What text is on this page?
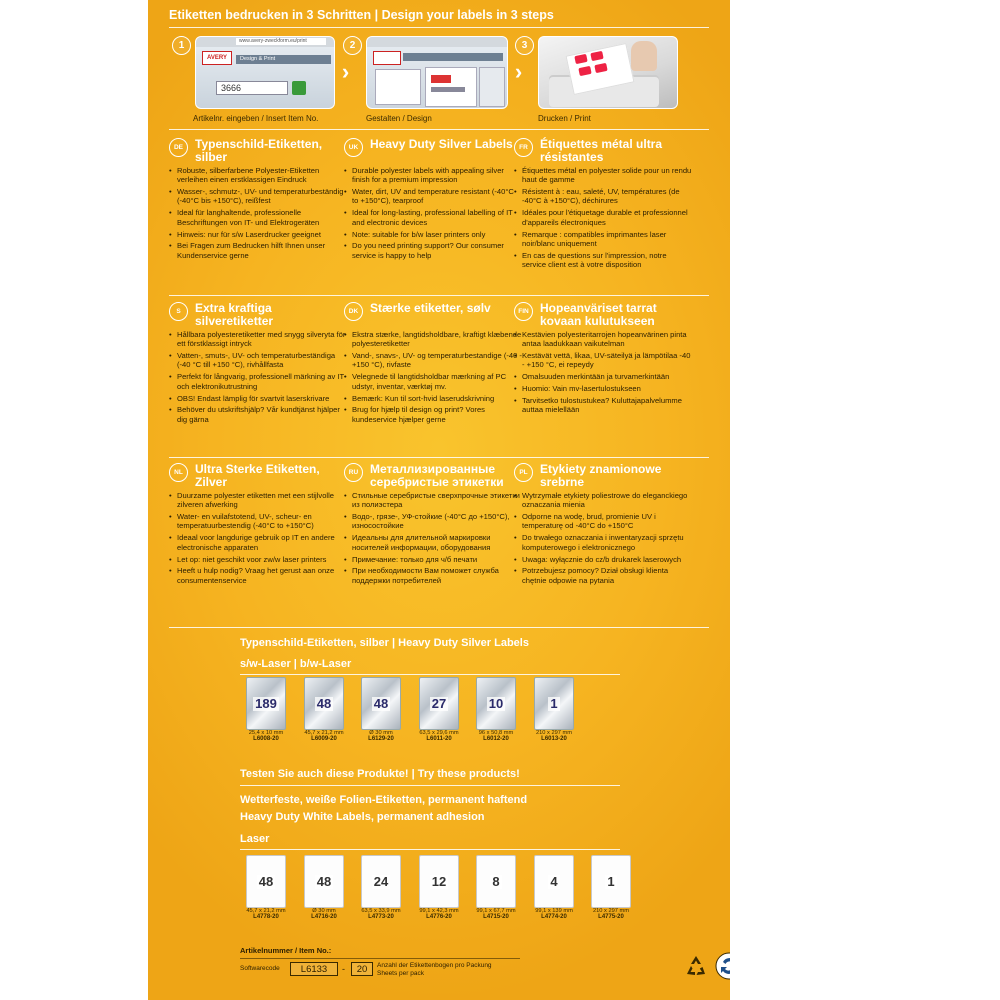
Etiketten bedrucken in 3 Schritten | Design your labels in 3 steps
1	www.avery-zweckform.eu/print
AVERY	Design & Print
3666
›
2
›
3
Artikelnr. eingeben / Insert Item No.	Gestalten / Design	Drucken / Print
DE Typenschild-Etiketten, silber
• Robuste, silberfarbene Polyester-Etiketten verleihen einen erstklassigen Eindruck
• Wasser-, schmutz-, UV- und temperaturbeständig (-40°C bis +150°C), reißfest
• Ideal für langhaltende, professionelle Beschriftungen von IT- und Elektrogeräten
• Hinweis: nur für s/w Laserdrucker geeignet
• Bei Fragen zum Bedrucken hilft Ihnen unser Kundenservice gerne
UK Heavy Duty Silver Labels
• Durable polyester labels with appealing silver finish for a premium impression
• Water, dirt, UV and temperature resistant (-40°C to +150°C), tearproof
• Ideal for long-lasting, professional labelling of IT and electronic devices
• Note: suitable for b/w laser printers only
• Do you need printing support? Our consumer service is happy to help
FR	Étiquettes métal ultra résistantes
• Étiquettes métal en polyester solide pour un rendu haut de gamme
• Résistent à : eau, saleté, UV, températures (de -40°C à +150°C), déchirures
• Idéales pour l'étiquetage durable et professionnel d'appareils électroniques
• Remarque : compatibles imprimantes laser noir/blanc uniquement
• En cas de questions sur l'impression, notre service client est à votre disposition
S	Extra kraftiga silveretiketter
• Hållbara polyesteretiketter med snygg silveryta för ett förstklassigt intryck
• Vatten-, smuts-, UV- och temperaturbeständiga (-40 °C till +150 °C), rivhållfasta
• Perfekt för långvarig, professionell märkning av IT- och elektronikutrustning
• OBS! Endast lämplig för svartvit laserskrivare
• Behöver du utskriftshjälp? Vår kundtjänst hjälper dig gärna
DK Stærke etiketter, sølv
• Ekstra stærke, langtidsholdbare, kraftigt klæbende polyesteretiketter
• Vand-, snavs-, UV- og temperaturbestandige (-40 - +150 °C), rivfaste
• Velegnede til langtidsholdbar mærkning af PC udstyr, inventar, værktøj mv.
• Bemærk: Kun til sort-hvid laserudskrivning
• Brug for hjælp til design og print? Vores kundeservice hjælper gerne
FIN Hopeanväriset tarrat kovaan kulutukseen
• Kestävien polyesteritarrojen hopeanvärinen pinta antaa laadukkaan vaikutelman
• Kestävät vettä, likaa, UV-säteilyä ja lämpötilaa -40 - +150 °C, ei repeydy
• Omalsuuden merkintään ja turvamerkintään
• Huomio: Vain mv-lasertulostukseen
• Tarvitsetko tulostustukea? Kuluttajapalvelumme auttaa mielellään
NL	Ultra Sterke Etiketten, Zilver
• Duurzame polyester etiketten met een stijlvolle zilveren afwerking
• Water- en vuilafstotend, UV-, scheur- en temperatuurbestendig (-40°C to +150°C)
• Ideaal voor langdurige gebruik op IT en andere electronische apparaten
• Let op: niet geschikt voor zw/w laser printers
• Heeft u hulp nodig? Vraag het gerust aan onze consumentenservice
RU Металлизированные серебристые этикетки
• Стильные серебристые сверхпрочные этикетки из полиэстера
• Водо-, грязе-, УФ-стойкие (-40°C до +150°C), износостойкие
• Идеальны для длительной маркировки носителей информации, оборудования
• Примечание: только для ч/б печати
• При необходимости Вам поможет служба поддержки потребителей
PL	Etykiety znamionowe srebrne
• Wytrzymałe etykiety poliestrowe do eleganckiego oznaczania mienia
• Odporne na wodę, brud, promienie UV i temperaturę od -40°C do +150°C
• Do trwałego oznaczania i inwentaryzacji sprzętu komputerowego i elektronicznego
• Uwaga: wyłącznie do cz/b drukarek laserowych
• Potrzebujesz pomocy? Dział obsługi klienta chętnie odpowie na pytania
Typenschild-Etiketten, silber | Heavy Duty Silver Labels
s/w-Laser | b/w-Laser
189
25,4 x 10 mm
L6008-20
48
45,7 x 21,2 mm
L6009-20
48
Ø 30 mm
L6129-20
27
63,5 x 29,6 mm
L6011-20
10
96 x 50,8 mm
L6012-20
1
210 x 297 mm
L6013-20
Testen Sie auch diese Produkte! | Try these products!
Wetterfeste, weiße Folien-Etiketten, permanent haftend
Heavy Duty White Labels, permanent adhesion
Laser
48
45,7 x 21,2 mm
L4778-20
48
Ø 30 mm
L4716-20
24
63,5 x 33,9 mm
L4773-20
12
99,1 x 42,3 mm
L4776-20
8
99,1 x 67,7 mm
L4715-20
4
99,1 x 139 mm
L4774-20
1
210 x 297 mm
L4775-20
Artikelnummer / Item No.:
Softwarecode	L6133	-	20	Anzahl der Etikettenbogen pro Packung Sheets per pack
